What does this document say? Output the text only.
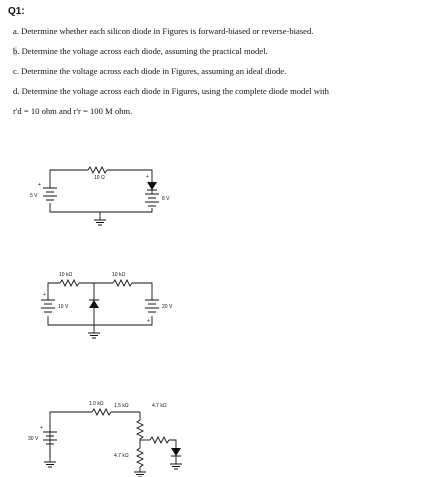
Q1:
a. Determine whether each silicon diode in Figures is forward-biased or reverse-biased.
b. Determine the voltage across each diode, assuming the practical model.
c. Determine the voltage across each diode in Figures, assuming an ideal diode.
d. Determine the voltage across each diode in Figures, using the complete diode model with
r'd = 10 ohm and r'r = 100 M ohm.
10 Ω
5 V	8 V
+
+
10 kΩ	10 kΩ
10 V	20 V
+
+
1.0 kΩ 1.5 kΩ	4.7 kΩ
4.7 kΩ
30 V
+
